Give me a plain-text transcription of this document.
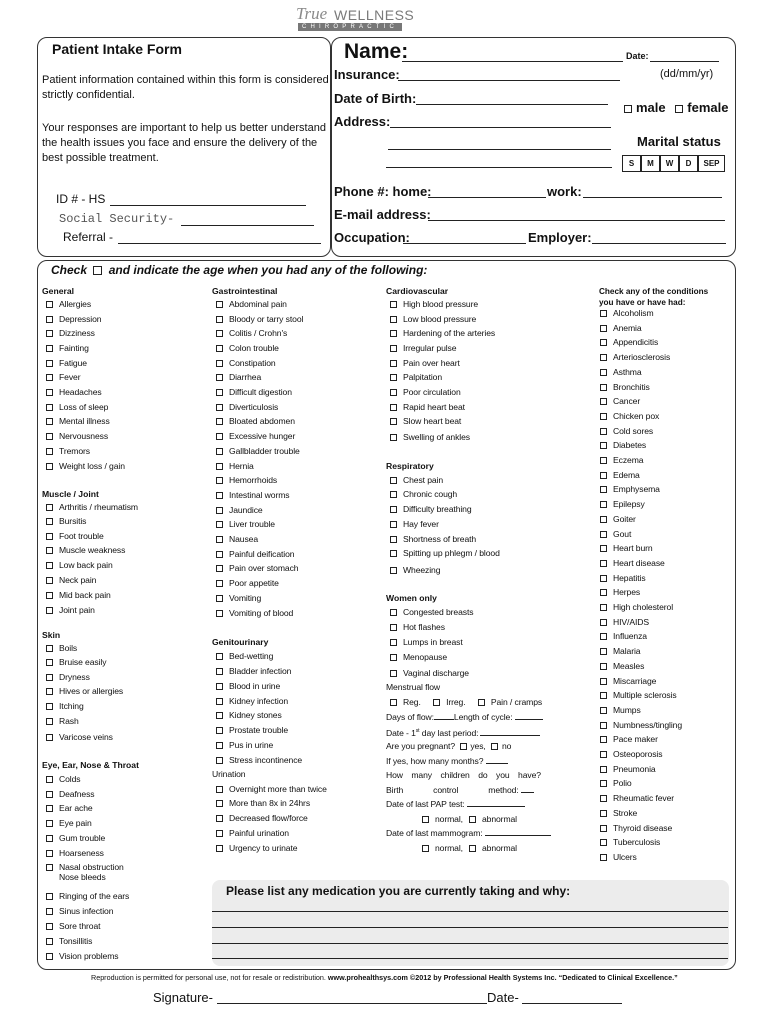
True WELLNESS
CHIROPRACTIC
Patient Intake Form
Patient information contained within this form is considered
strictly confidential.
Your responses are important to help us better understand
the health issues you face and ensure the delivery of the
best possible treatment.
ID # - HS
Social Security-
Referral -
Name:	Date:
Insurance:	(dd/mm/yr)
Date of Birth:
male female
Address:
Marital status
S	M	W	D	SEP
Phone #: home:	work:
E-mail address:
Occupation:	Employer:
Check and indicate the age when you had any of the following:
General
Allergies
Depression
Dizziness
Fainting
Fatigue
Fever
Headaches
Loss of sleep
Mental illness
Nervousness
Tremors
Weight loss / gain
Muscle / Joint
Arthritis / rheumatism
Bursitis
Foot trouble
Muscle weakness
Low back pain
Neck pain
Mid back pain
Joint pain
Skin
Boils
Bruise easily
Dryness
Hives or allergies
Itching
Rash
Varicose veins
Eye, Ear, Nose & Throat
Colds
Deafness
Ear ache
Eye pain
Gum trouble
Hoarseness
Nasal obstruction
Nose bleeds
Ringing of the ears
Sinus infection
Sore throat
Tonsillitis
Vision problems
Gastrointestinal
Abdominal pain
Bloody or tarry stool
Colitis / Crohn's
Colon trouble
Constipation
Diarrhea
Difficult digestion
Diverticulosis
Bloated abdomen
Excessive hunger
Gallbladder trouble
Hernia
Hemorrhoids
Intestinal worms
Jaundice
Liver trouble
Nausea
Painful deification
Pain over stomach
Poor appetite
Vomiting
Vomiting of blood
Genitourinary
Bed-wetting
Bladder infection
Blood in urine
Kidney infection
Kidney stones
Prostate trouble
Pus in urine
Stress incontinence
Urination
Overnight more than twice
More than 8x in 24hrs
Decreased flow/force
Painful urination
Urgency to urinate
Cardiovascular
High blood pressure
Low blood pressure
Hardening of the arteries
Irregular pulse
Pain over heart
Palpitation
Poor circulation
Rapid heart beat
Slow heart beat
Swelling of ankles
Respiratory
Chest pain
Chronic cough
Difficulty breathing
Hay fever
Shortness of breath
Spitting up phlegm / blood
Wheezing
Women only
Congested breasts
Hot flashes
Lumps in breast
Menopause
Vaginal discharge
Menstrual flow
Reg.	Irreg.	Pain / cramps
Days of flow: Length of cycle:
Date - 1st day last period:
Are you pregnant? yes, no
If yes, how many months?
How many children do you have?
Birth	control	method:
Date of last PAP test:
normal, abnormal
Date of last mammogram:
normal, abnormal
Check any of the conditions
you have or have had:
Alcoholism
Anemia
Appendicitis
Arteriosclerosis
Asthma
Bronchitis
Cancer
Chicken pox
Cold sores
Diabetes
Eczema
Edema
Emphysema
Epilepsy
Goiter
Gout
Heart burn
Heart disease
Hepatitis
Herpes
High cholesterol
HIV/AIDS
Influenza
Malaria
Measles
Miscarriage
Multiple sclerosis
Mumps
Numbness/tingling
Pace maker
Osteoporosis
Pneumonia
Polio
Rheumatic fever
Stroke
Thyroid disease
Tuberculosis
Ulcers
Please list any medication you are currently taking and why:
Reproduction is permitted for personal use, not for resale or redistribution. www.prohealthsys.com ©2012 by Professional Health Systems Inc. “Dedicated to Clinical Excellence.”
Signature-	Date-
